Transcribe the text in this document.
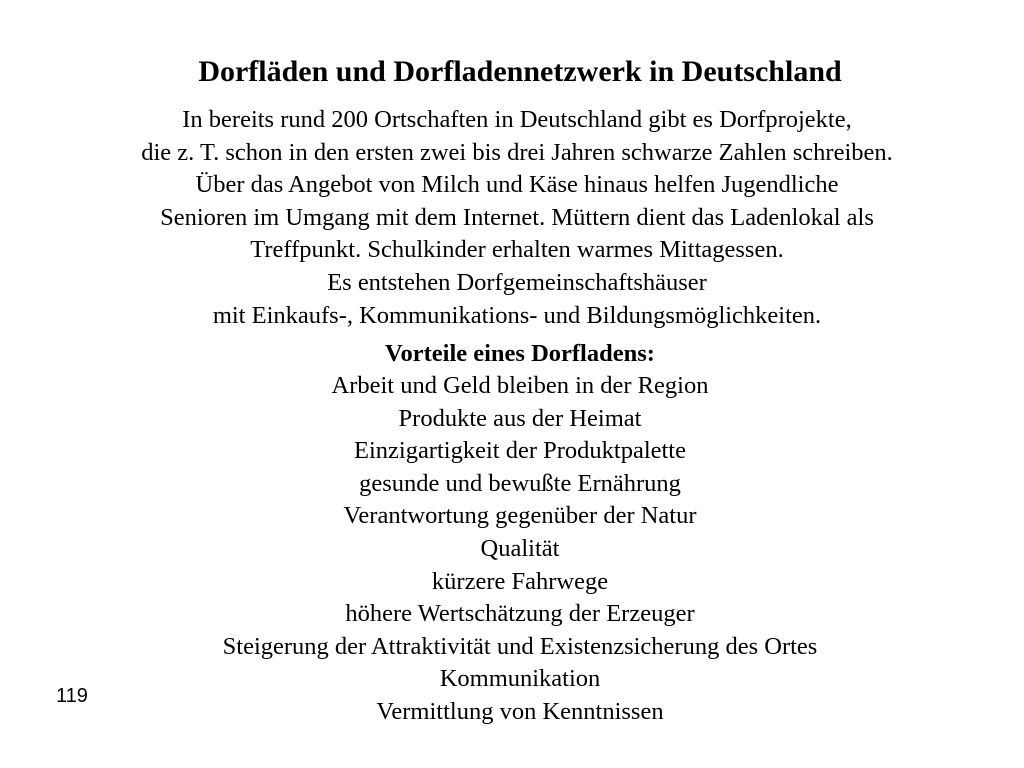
Dorfläden und Dorfladennetzwerk in Deutschland

In bereits rund 200 Ortschaften in Deutschland gibt es Dorfprojekte,
die z. T. schon in den ersten zwei bis drei Jahren schwarze Zahlen schreiben.
Über das Angebot von Milch und Käse hinaus helfen Jugendliche
Senioren im Umgang mit dem Internet. Müttern dient das Ladenlokal als
Treffpunkt. Schulkinder erhalten warmes Mittagessen.
Es entstehen Dorfgemeinschaftshäuser
mit Einkaufs-, Kommunikations- und Bildungsmöglichkeiten.

Vorteile eines Dorfladens:
Arbeit und Geld bleiben in der Region
Produkte aus der Heimat
Einzigartigkeit der Produktpalette
gesunde und bewußte Ernährung
Verantwortung gegenüber der Natur
Qualität
kürzere Fahrwege
höhere Wertschätzung der Erzeuger
Steigerung der Attraktivität und Existenzsicherung des Ortes
Kommunikation
Vermittlung von Kenntnissen
119
